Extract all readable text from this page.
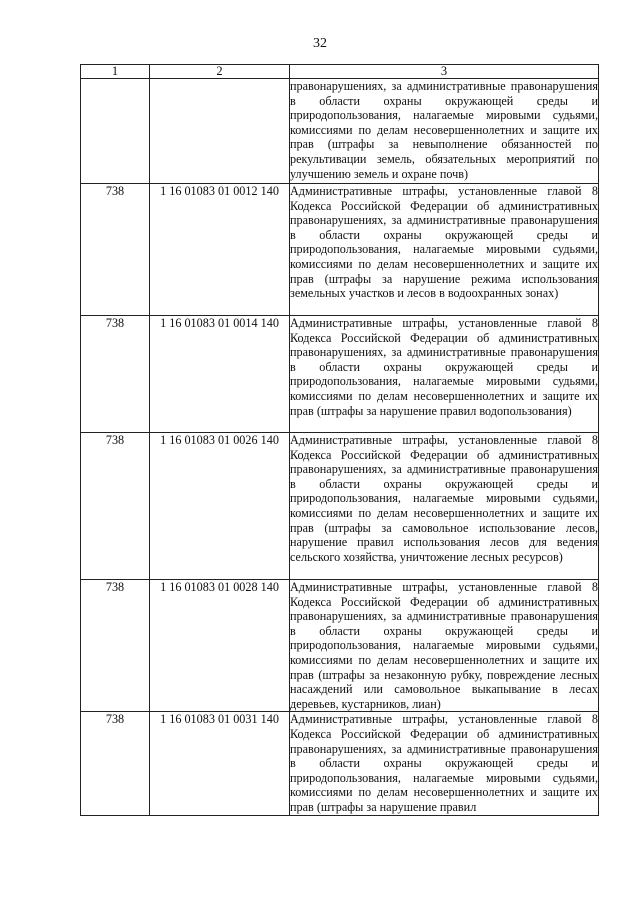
32
1	2	3
		правонарушениях, за административные правонарушения в области охраны окружающей среды и природопользования, налагаемые мировыми судьями, комиссиями по делам несовершеннолетних и защите их прав (штрафы за невыполнение обязанностей по рекультивации земель, обязательных мероприятий по улучшению земель и охране почв)
738	1 16 01083 01 0012 140	Административные штрафы, установленные главой 8 Кодекса Российской Федерации об административных правонарушениях, за административные правонарушения в области охраны окружающей среды и природопользования, налагаемые мировыми судьями, комиссиями по делам несовершеннолетних и защите их прав (штрафы за нарушение режима использования земельных участков и лесов в водоохранных зонах)
738	1 16 01083 01 0014 140	Административные штрафы, установленные главой 8 Кодекса Российской Федерации об административных правонарушениях, за административные правонарушения в области охраны окружающей среды и природопользования, налагаемые мировыми судьями, комиссиями по делам несовершеннолетних и защите их прав (штрафы за нарушение правил водопользования)
738	1 16 01083 01 0026 140	Административные штрафы, установленные главой 8 Кодекса Российской Федерации об административных правонарушениях, за административные правонарушения в области охраны окружающей среды и природопользования, налагаемые мировыми судьями, комиссиями по делам несовершеннолетних и защите их прав (штрафы за самовольное использование лесов, нарушение правил использования лесов для ведения сельского хозяйства, уничтожение лесных ресурсов)
738	1 16 01083 01 0028 140	Административные штрафы, установленные главой 8 Кодекса Российской Федерации об административных правонарушениях, за административные правонарушения в области охраны окружающей среды и природопользования, налагаемые мировыми судьями, комиссиями по делам несовершеннолетних и защите их прав (штрафы за незаконную рубку, повреждение лесных насаждений или самовольное выкапывание в лесах деревьев, кустарников, лиан)
738	1 16 01083 01 0031 140	Административные штрафы, установленные главой 8 Кодекса Российской Федерации об административных правонарушениях, за административные правонарушения в области охраны окружающей среды и природопользования, налагаемые мировыми судьями, комиссиями по делам несовершеннолетних и защите их прав (штрафы за нарушение правил
